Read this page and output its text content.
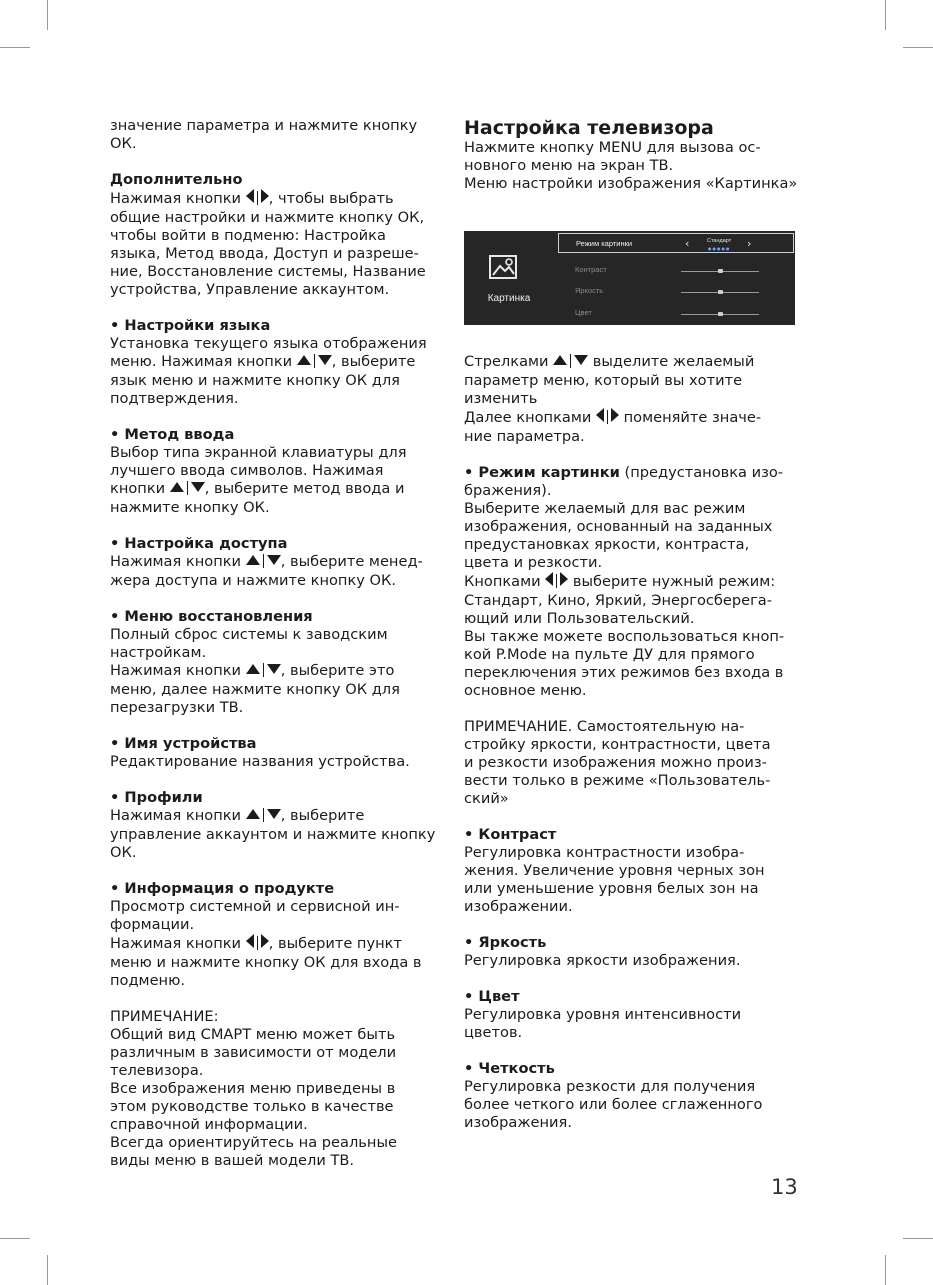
значение параметра и нажмите кнопку

ОК.

Дополнительно

Нажимая кнопки , чтобы выбрать

общие настройки и нажмите кнопку ОК,

чтобы войти в подменю: Настройка

языка, Метод ввода, Доступ и разреше-

ние, Восстановление системы, Название

устройства, Управление аккаунтом.

• Настройки языка

Установка текущего языка отображения

меню. Нажимая кнопки , выберите

язык меню и нажмите кнопку ОК для

подтверждения.

• Метод ввода

Выбор типа экранной клавиатуры для

лучшего ввода символов. Нажимая

кнопки , выберите метод ввода и

нажмите кнопку ОК.

• Настройка доступа

Нажимая кнопки , выберите менед-

жера доступа и нажмите кнопку ОК.

• Меню восстановления

Полный сброс системы к заводским

настройкам.

Нажимая кнопки , выберите это

меню, далее нажмите кнопку ОК для

перезагрузки ТВ.

• Имя устройства

Редактирование названия устройства.

• Профили

Нажимая кнопки , выберите

управление аккаунтом и нажмите кнопку

ОК.

• Информация о продукте

Просмотр системной и сервисной ин-

формации.

Нажимая кнопки , выберите пункт

меню и нажмите кнопку ОК для входа в

подменю.

ПРИМЕЧАНИЕ:

Общий вид СМАРТ меню может быть

различным в зависимости от модели

телевизора.

Все изображения меню приведены в

этом руководстве только в качестве

справочной информации.

Всегда ориентируйтесь на реальные

виды меню в вашей модели ТВ.

Настройка телевизора

Нажмите кнопку MENU для вызова ос-

новного меню на экран ТВ.

Меню настройки изображения «Картинка»

Картинка
Режим картинки	‹	Стандарт
●●●●● ›
Контраст
Яркость
Цвет

Стрелками  выделите желаемый

параметр меню, который вы хотите

изменить

Далее кнопками  поменяйте значе-

ние параметра.

• Режим картинки (предустановка изо-

бражения).

Выберите желаемый для вас режим

изображения, основанный на заданных

предустановках яркости, контраста,

цвета и резкости.

Кнопками  выберите нужный режим:

Стандарт, Кино, Яркий, Энергосберега-

ющий или Пользовательский.

Вы также можете воспользоваться кноп-

кой P.Mode на пульте ДУ для прямого

переключения этих режимов без входа в

основное меню.

ПРИМЕЧАНИЕ. Самостоятельную на-

стройку яркости, контрастности, цвета

и резкости изображения можно произ-

вести только в режиме «Пользователь-

ский»

• Контраст

Регулировка контрастности изобра-

жения. Увеличение уровня черных зон

или уменьшение уровня белых зон на

изображении.

• Яркость

Регулировка яркости изображения.

• Цвет

Регулировка уровня интенсивности

цветов.

• Четкость

Регулировка резкости для получения

более четкого или более сглаженного

изображения.

13
